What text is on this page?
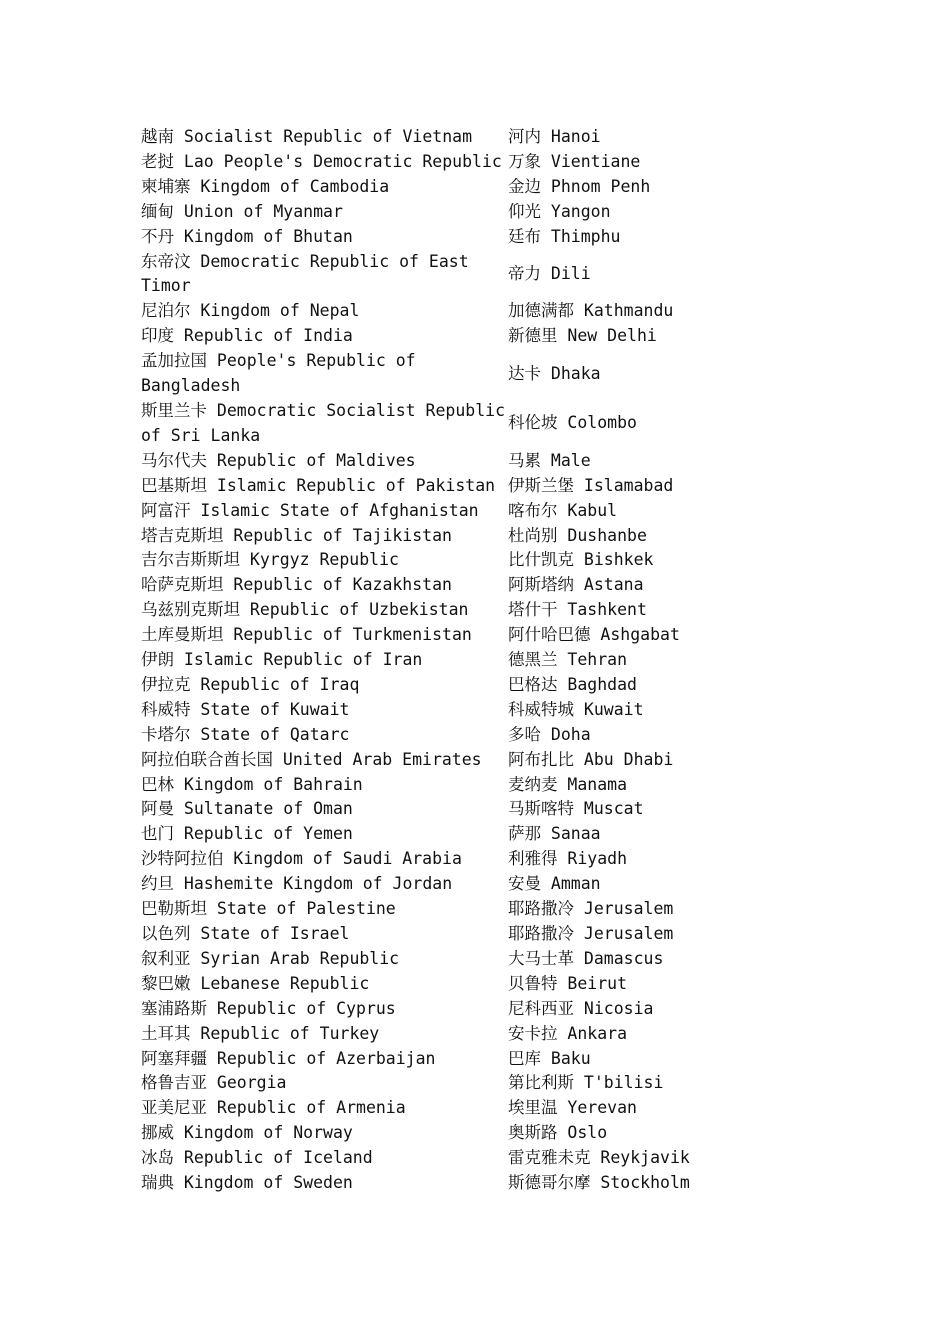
越南 Socialist Republic of Vietnam	河内 Hanoi
老挝 Lao People's Democratic Republic	万象 Vientiane
柬埔寨 Kingdom of Cambodia	金边 Phnom Penh
缅甸 Union of Myanmar	仰光 Yangon
不丹 Kingdom of Bhutan	廷布 Thimphu
东帝汶 Democratic Republic of East Timor	帝力 Dili
尼泊尔 Kingdom of Nepal	加德满都 Kathmandu
印度 Republic of India	新德里 New Delhi
孟加拉国 People's Republic of Bangladesh	达卡 Dhaka
斯里兰卡 Democratic Socialist Republic of Sri Lanka	科伦坡 Colombo
马尔代夫 Republic of Maldives	马累 Male
巴基斯坦 Islamic Republic of Pakistan	伊斯兰堡 Islamabad
阿富汗 Islamic State of Afghanistan	喀布尔 Kabul
塔吉克斯坦 Republic of Tajikistan	杜尚别 Dushanbe
吉尔吉斯斯坦 Kyrgyz Republic	比什凯克 Bishkek
哈萨克斯坦 Republic of Kazakhstan	阿斯塔纳 Astana
乌兹别克斯坦 Republic of Uzbekistan	塔什干 Tashkent
土库曼斯坦 Republic of Turkmenistan	阿什哈巴德 Ashgabat
伊朗 Islamic Republic of Iran	德黑兰 Tehran
伊拉克 Republic of Iraq	巴格达 Baghdad
科威特 State of Kuwait	科威特城 Kuwait
卡塔尔 State of Qatarc	多哈 Doha
阿拉伯联合酋长国 United Arab Emirates	阿布扎比 Abu Dhabi
巴林 Kingdom of Bahrain	麦纳麦 Manama
阿曼 Sultanate of Oman	马斯喀特 Muscat
也门 Republic of Yemen	萨那 Sanaa
沙特阿拉伯 Kingdom of Saudi Arabia	利雅得 Riyadh
约旦 Hashemite Kingdom of Jordan	安曼 Amman
巴勒斯坦 State of Palestine	耶路撒冷 Jerusalem
以色列 State of Israel	耶路撒冷 Jerusalem
叙利亚 Syrian Arab Republic	大马士革 Damascus
黎巴嫩 Lebanese Republic	贝鲁特 Beirut
塞浦路斯 Republic of Cyprus	尼科西亚 Nicosia
土耳其 Republic of Turkey	安卡拉 Ankara
阿塞拜疆 Republic of Azerbaijan	巴库 Baku
格鲁吉亚 Georgia	第比利斯 T'bilisi
亚美尼亚 Republic of Armenia	埃里温 Yerevan
挪威 Kingdom of Norway	奥斯路 Oslo
冰岛 Republic of Iceland	雷克雅未克 Reykjavik
瑞典 Kingdom of Sweden	斯德哥尔摩 Stockholm
